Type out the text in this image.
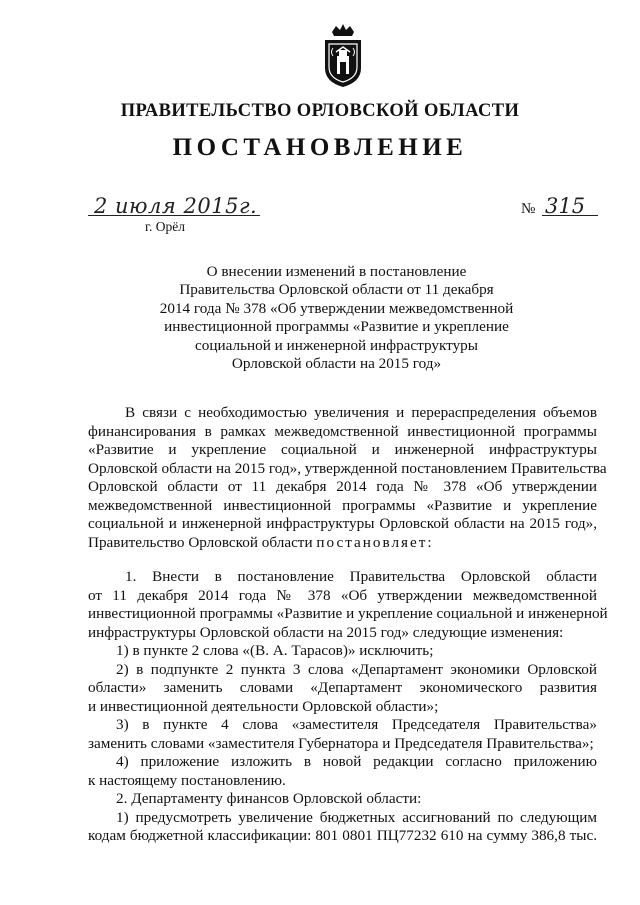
ПРАВИТЕЛЬСТВО ОРЛОВСКОЙ ОБЛАСТИ
ПОСТАНОВЛЕНИЕ
2 июля 2015г.
г. Орёл
№ 315
О внесении изменений в постановление
Правительства Орловской области от 11 декабря
2014 года № 378 «Об утверждении межведомственной
инвестиционной программы «Развитие и укрепление
социальной и инженерной инфраструктуры
Орловской области на 2015 год»
В связи с необходимостью увеличения и перераспределения объемов
финансирования в рамках межведомственной инвестиционной программы
«Развитие и укрепление социальной и инженерной инфраструктуры
Орловской области на 2015 год», утвержденной постановлением Правительства
Орловской области от 11 декабря 2014 года № 378 «Об утверждении
межведомственной инвестиционной программы «Развитие и укрепление
социальной и инженерной инфраструктуры Орловской области на 2015 год»,
Правительство Орловской области постановляет:
1. Внести в постановление Правительства Орловской области
от 11 декабря 2014 года № 378 «Об утверждении межведомственной
инвестиционной программы «Развитие и укрепление социальной и инженерной
инфраструктуры Орловской области на 2015 год» следующие изменения:
1) в пункте 2 слова «(В. А. Тарасов)» исключить;
2) в подпункте 2 пункта 3 слова «Департамент экономики Орловской
области» заменить словами «Департамент экономического развития
и инвестиционной деятельности Орловской области»;
3) в пункте 4 слова «заместителя Председателя Правительства»
заменить словами «заместителя Губернатора и Председателя Правительства»;
4) приложение изложить в новой редакции согласно приложению
к настоящему постановлению.
2. Департаменту финансов Орловской области:
1) предусмотреть увеличение бюджетных ассигнований по следующим
кодам бюджетной классификации: 801 0801 ПЦ77232 610 на сумму 386,8 тыс.
